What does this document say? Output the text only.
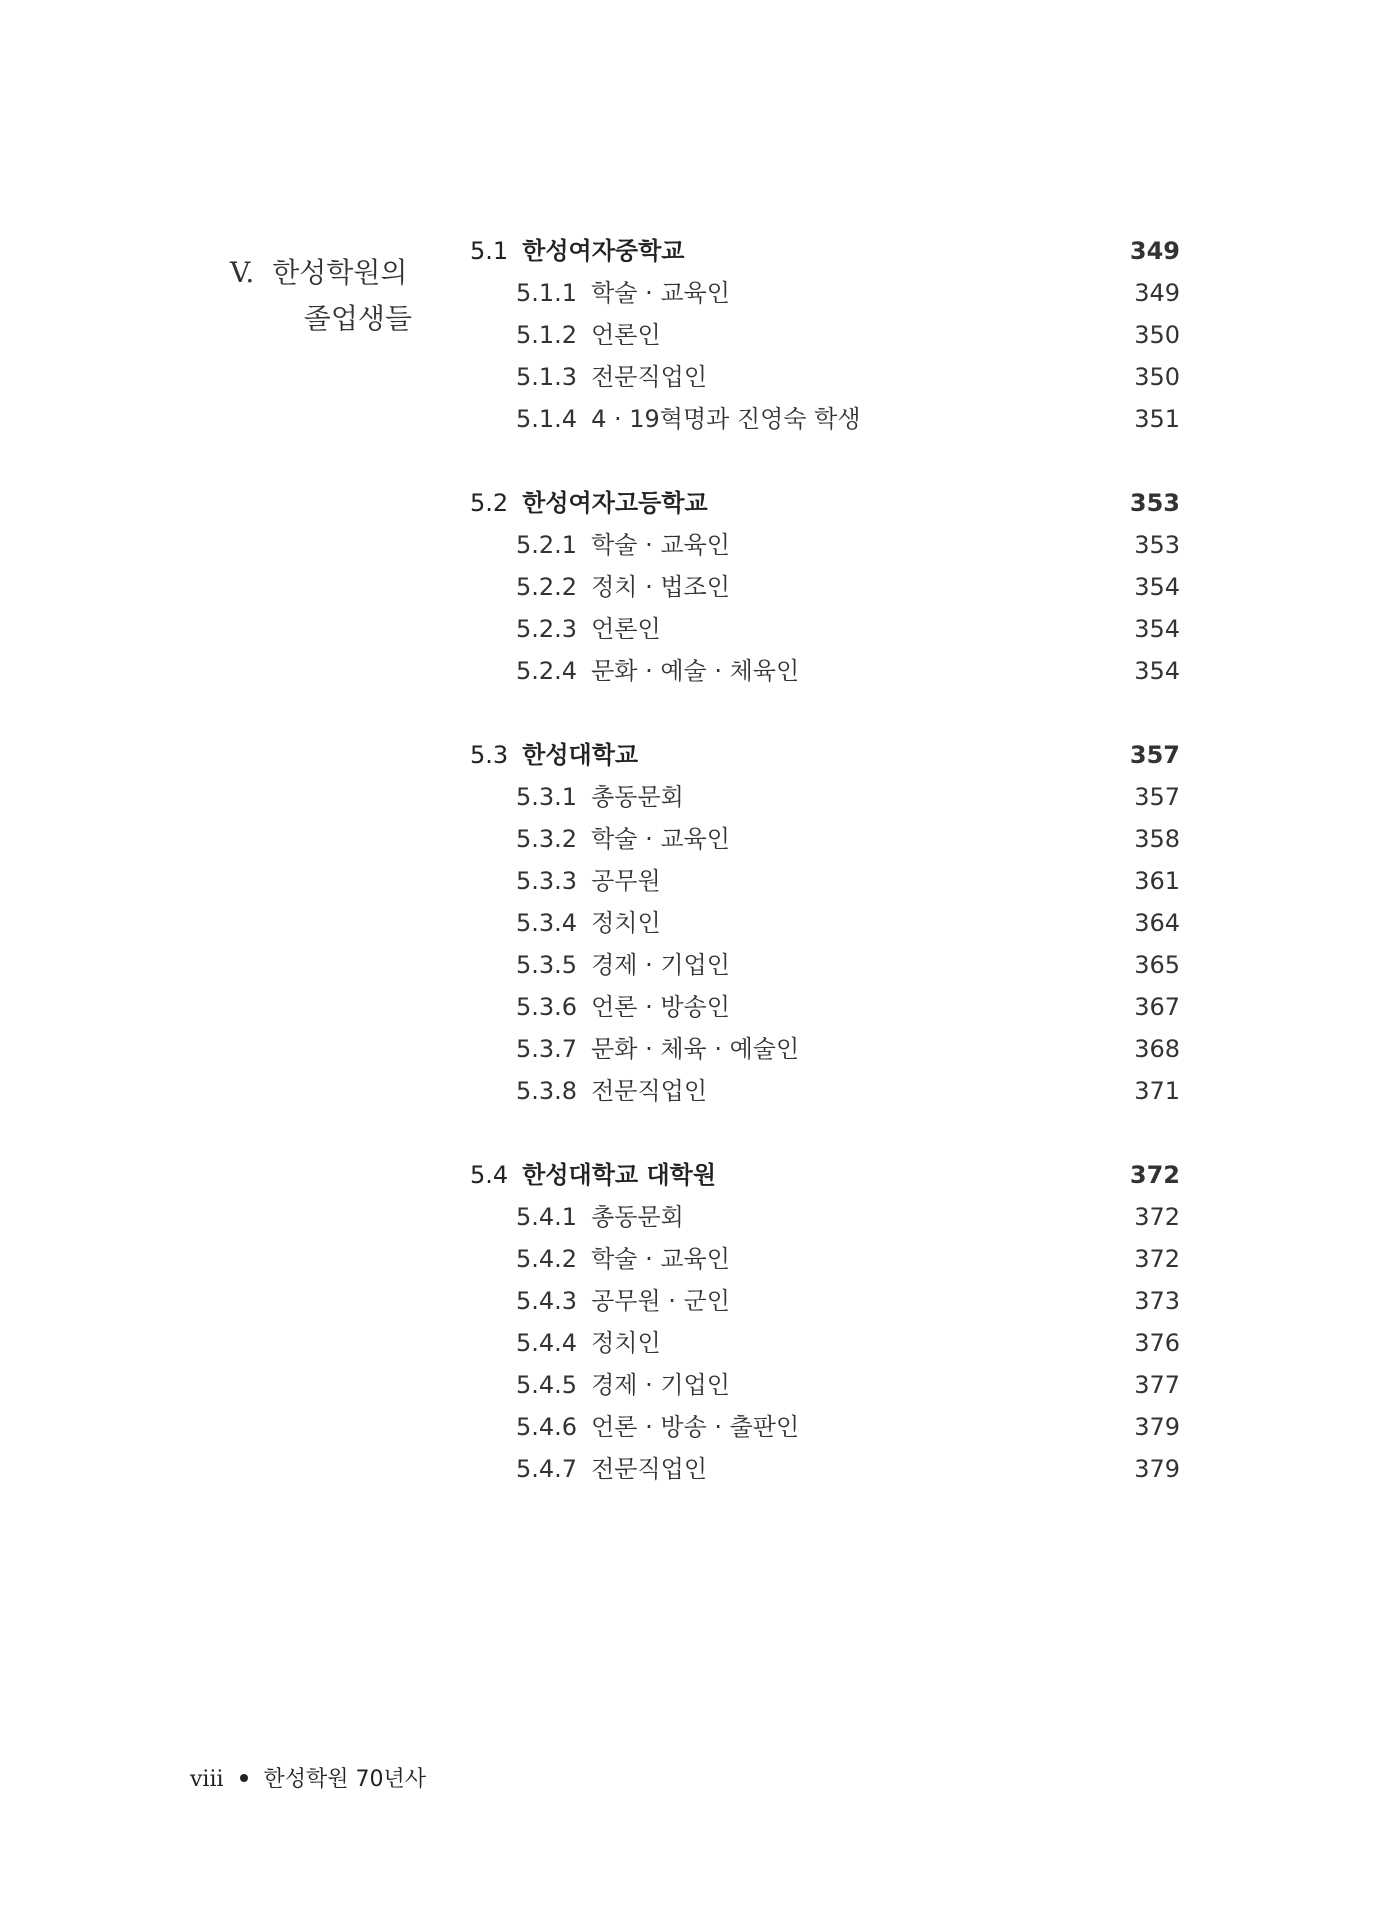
V. 한성학원의
졸업생들
5.1 한성여자중학교	349
5.1.1 학술 · 교육인	349
5.1.2 언론인	350
5.1.3 전문직업인	350
5.1.4 4 · 19혁명과 진영숙 학생	351
5.2 한성여자고등학교	353
5.2.1 학술 · 교육인	353
5.2.2 정치 · 법조인	354
5.2.3 언론인	354
5.2.4 문화 · 예술 · 체육인	354
5.3 한성대학교	357
5.3.1 총동문회	357
5.3.2 학술 · 교육인	358
5.3.3 공무원	361
5.3.4 정치인	364
5.3.5 경제 · 기업인	365
5.3.6 언론 · 방송인	367
5.3.7 문화 · 체육 · 예술인	368
5.3.8 전문직업인	371
5.4 한성대학교 대학원	372
5.4.1 총동문회	372
5.4.2 학술 · 교육인	372
5.4.3 공무원 · 군인	373
5.4.4 정치인	376
5.4.5 경제 · 기업인	377
5.4.6 언론 · 방송 · 출판인	379
5.4.7 전문직업인	379
viii 한성학원 70년사
